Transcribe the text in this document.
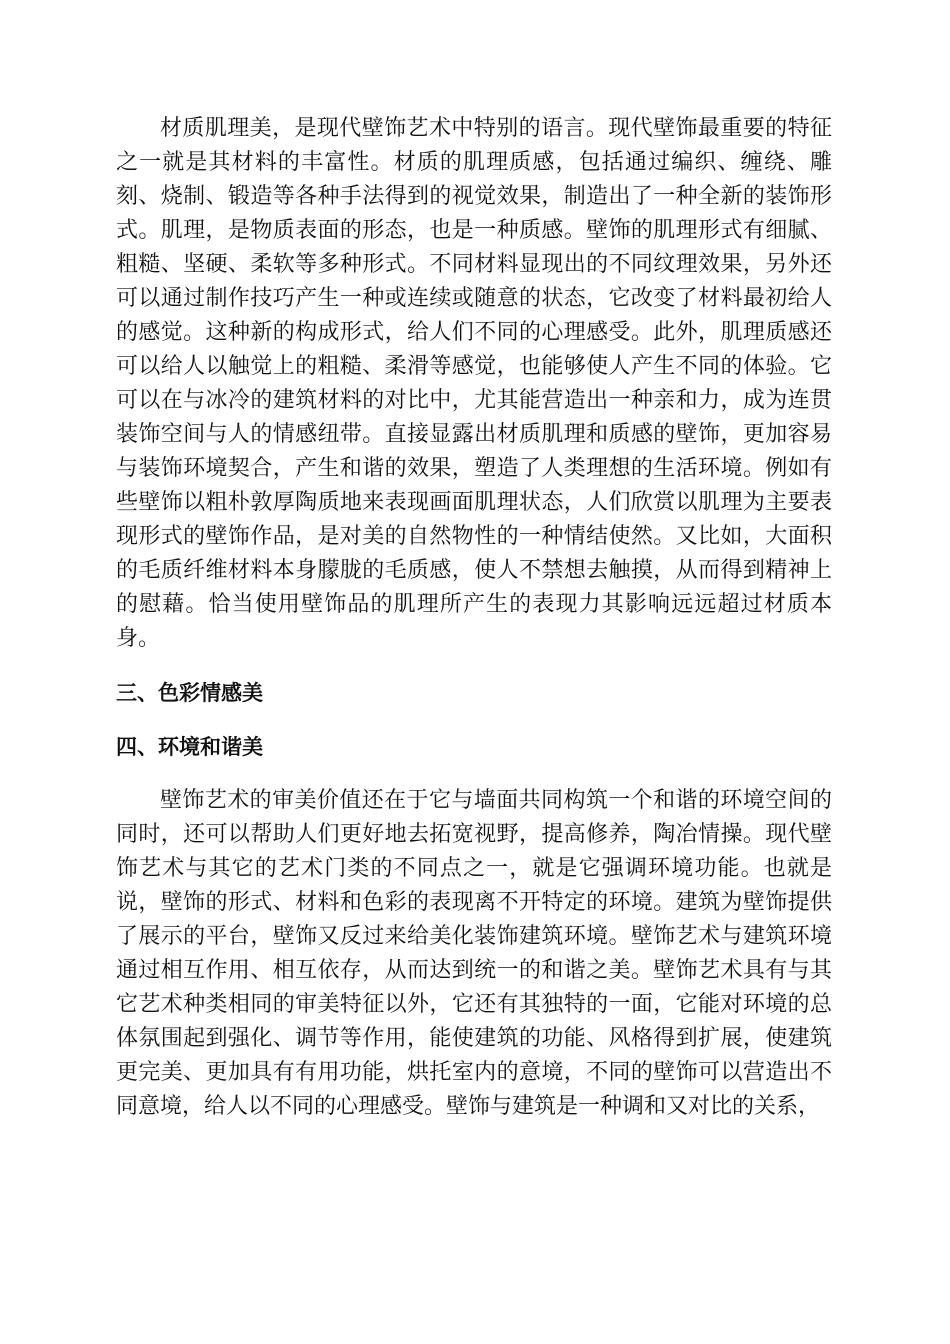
材质肌理美，是现代壁饰艺术中特别的语言。现代壁饰最重要的特征之一就是其材料的丰富性。材质的肌理质感，包括通过编织、缠绕、雕刻、烧制、锻造等各种手法得到的视觉效果，制造出了一种全新的装饰形式。肌理，是物质表面的形态，也是一种质感。壁饰的肌理形式有细腻、粗糙、坚硬、柔软等多种形式。不同材料显现出的不同纹理效果，另外还可以通过制作技巧产生一种或连续或随意的状态，它改变了材料最初给人的感觉。这种新的构成形式，给人们不同的心理感受。此外，肌理质感还可以给人以触觉上的粗糙、柔滑等感觉，也能够使人产生不同的体验。它可以在与冰冷的建筑材料的对比中，尤其能营造出一种亲和力，成为连贯装饰空间与人的情感纽带。直接显露出材质肌理和质感的壁饰，更加容易与装饰环境契合，产生和谐的效果，塑造了人类理想的生活环境。例如有些壁饰以粗朴敦厚陶质地来表现画面肌理状态，人们欣赏以肌理为主要表现形式的壁饰作品，是对美的自然物性的一种情结使然。又比如，大面积的毛质纤维材料本身朦胧的毛质感，使人不禁想去触摸，从而得到精神上的慰藉。恰当使用壁饰品的肌理所产生的表现力其影响远远超过材质本身。

三、色彩情感美
四、环境和谐美

壁饰艺术的审美价值还在于它与墙面共同构筑一个和谐的环境空间的同时，还可以帮助人们更好地去拓宽视野，提高修养，陶冶情操。现代壁饰艺术与其它的艺术门类的不同点之一，就是它强调环境功能。也就是说，壁饰的形式、材料和色彩的表现离不开特定的环境。建筑为壁饰提供了展示的平台，壁饰又反过来给美化装饰建筑环境。壁饰艺术与建筑环境通过相互作用、相互依存，从而达到统一的和谐之美。壁饰艺术具有与其它艺术种类相同的审美特征以外，它还有其独特的一面，它能对环境的总体氛围起到强化、调节等作用，能使建筑的功能、风格得到扩展，使建筑更完美、更加具有有用功能，烘托室内的意境，不同的壁饰可以营造出不同意境，给人以不同的心理感受。壁饰与建筑是一种调和又对比的关系，
